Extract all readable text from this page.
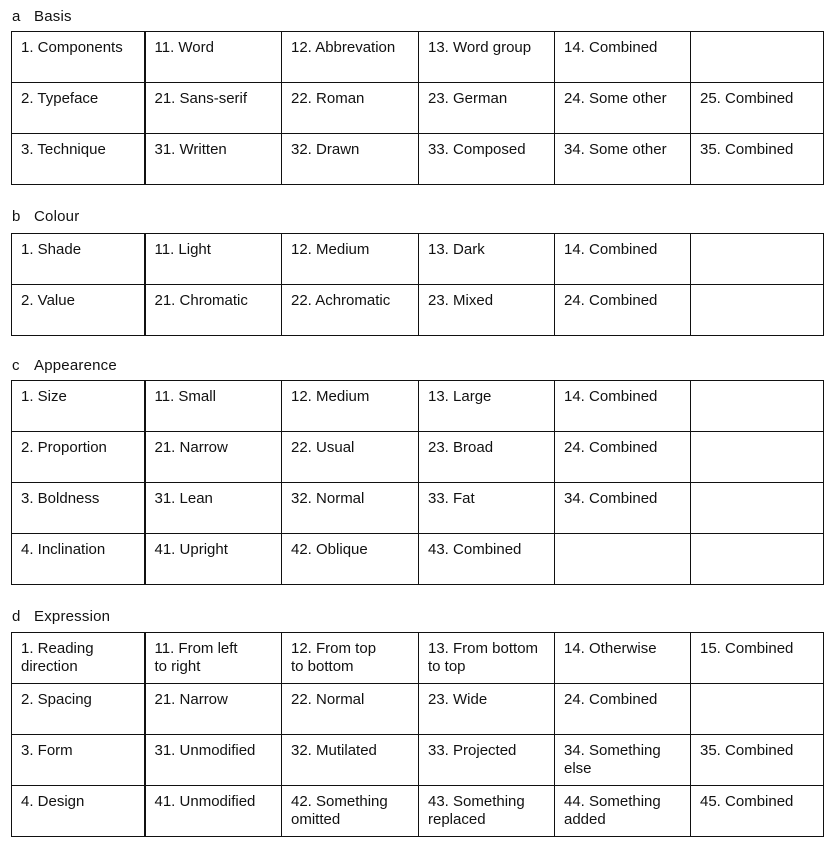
a Basis
1. Components	11. Word	12. Abbrevation	13. Word group	14. Combined	
2. Typeface	21. Sans-serif	22. Roman	23. German	24. Some other	25. Combined
3. Technique	31. Written	32. Drawn	33. Composed	34. Some other	35. Combined
b Colour
1. Shade	11. Light	12. Medium	13. Dark	14. Combined	
2. Value	21. Chromatic	22. Achromatic	23. Mixed	24. Combined	
c Appearence
1. Size	11. Small	12. Medium	13. Large	14. Combined	
2. Proportion	21. Narrow	22. Usual	23. Broad	24. Combined	
3. Boldness	31. Lean	32. Normal	33. Fat	34. Combined	
4. Inclination	41. Upright	42. Oblique	43. Combined		
d Expression
1. Reading
direction	11. From left
to right	12. From top
to bottom	13. From bottom
to top	14. Otherwise	15. Combined
2. Spacing	21. Narrow	22. Normal	23. Wide	24. Combined	
3. Form	31. Unmodified	32. Mutilated	33. Projected	34. Something
else	35. Combined
4. Design	41. Unmodified	42. Something
omitted	43. Something
replaced	44. Something
added	45. Combined
